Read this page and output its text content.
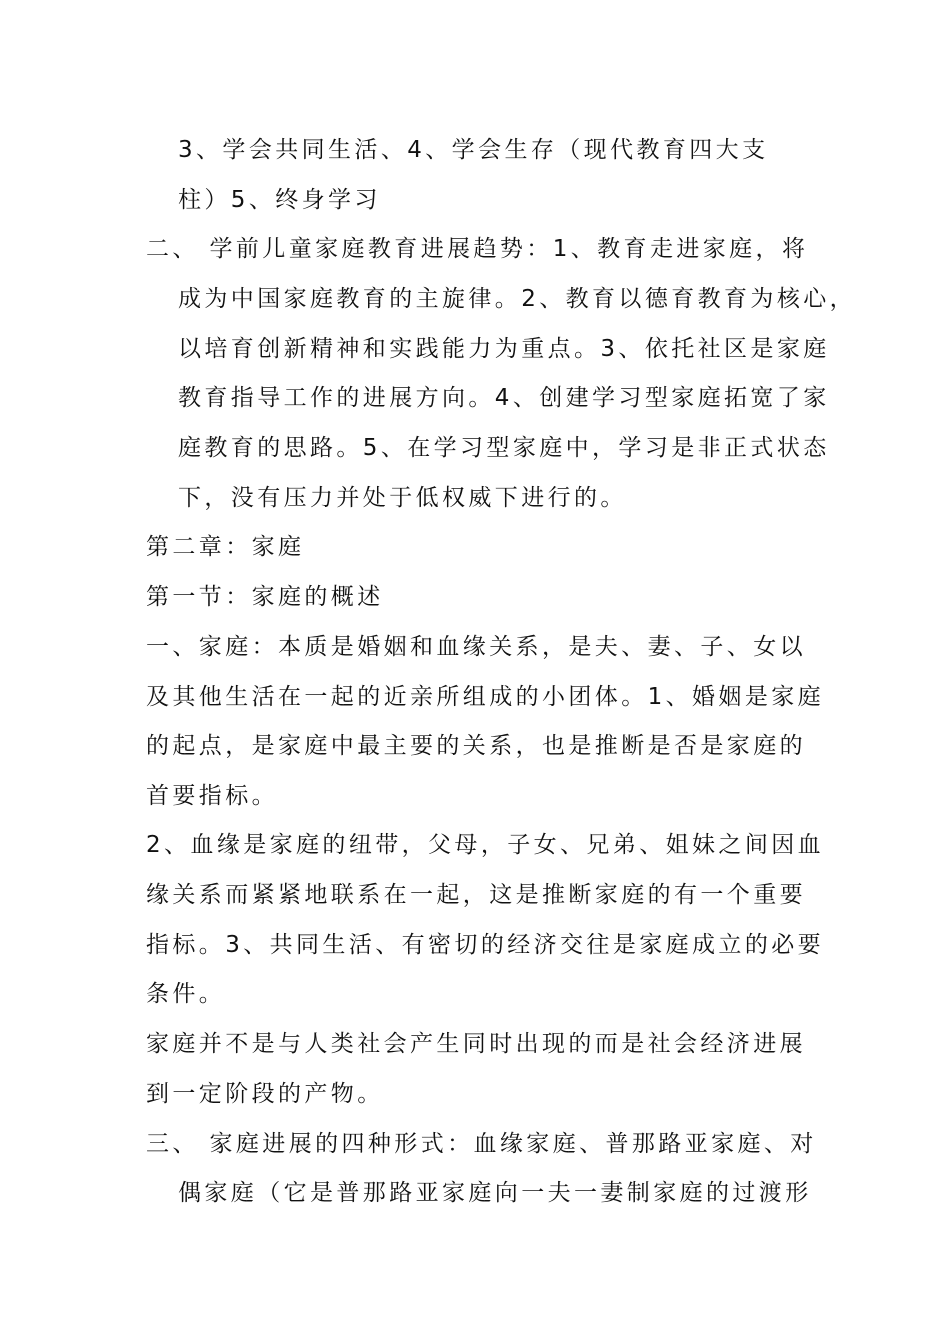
3、学会共同生活、4、学会生存（现代教育四大支
柱）5、终身学习
二、 学前儿童家庭教育进展趋势：1、教育走进家庭，将
成为中国家庭教育的主旋律。2、教育以德育教育为核心，
以培育创新精神和实践能力为重点。3、依托社区是家庭
教育指导工作的进展方向。4、创建学习型家庭拓宽了家
庭教育的思路。5、在学习型家庭中，学习是非正式状态
下，没有压力并处于低权威下进行的。
第二章：家庭
第一节：家庭的概述
一、家庭：本质是婚姻和血缘关系，是夫、妻、子、女以
及其他生活在一起的近亲所组成的小团体。1、婚姻是家庭
的起点，是家庭中最主要的关系，也是推断是否是家庭的
首要指标。
2、血缘是家庭的纽带，父母，子女、兄弟、姐妹之间因血
缘关系而紧紧地联系在一起，这是推断家庭的有一个重要
指标。3、共同生活、有密切的经济交往是家庭成立的必要
条件。
家庭并不是与人类社会产生同时出现的而是社会经济进展
到一定阶段的产物。
三、 家庭进展的四种形式：血缘家庭、普那路亚家庭、对
偶家庭（它是普那路亚家庭向一夫一妻制家庭的过渡形
